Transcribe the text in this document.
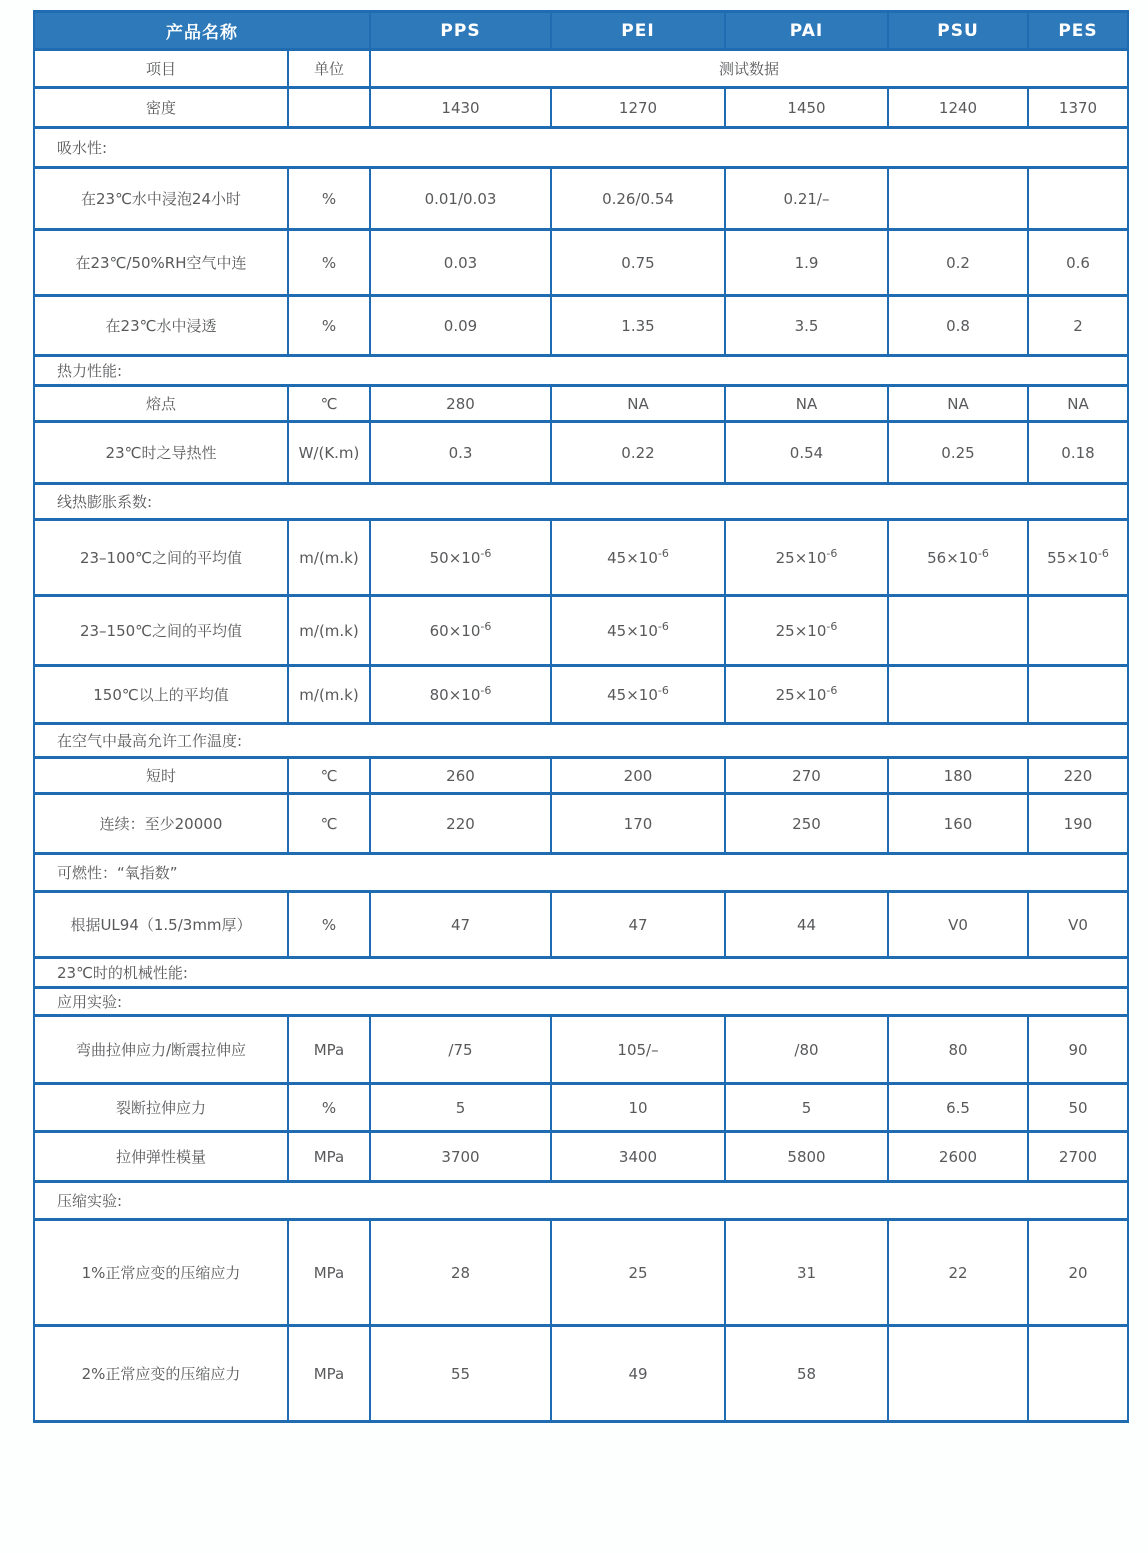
产品名称		PPS	PEI	PAI	PSU	PES
项目	单位	测试数据				
密度		1430	1270	1450	1240	1370
吸水性:						
在23℃水中浸泡24小时	%	0.01/0.03	0.26/0.54	0.21/–		
在23℃/50%RH空气中连	%	0.03	0.75	1.9	0.2	0.6
在23℃水中浸透	%	0.09	1.35	3.5	0.8	2
热力性能:						
熔点	℃	280	NA	NA	NA	NA
23℃时之导热性	W/(K.m)	0.3	0.22	0.54	0.25	0.18
线热膨胀系数:						
23–100℃之间的平均值	m/(m.k)	$50\times 10^{-6}$	$45\times 10^{-6}$	$25\times 10^{-6}$	$56\times 10^{-6}$	$55\times 10^{-6}$
23–150℃之间的平均值	m/(m.k)	$60\times 10^{-6}$	$45\times 10^{-6}$	$25\times 10^{-6}$		
150℃以上的平均值	m/(m.k)	$80\times 10^{-6}$	$45\times 10^{-6}$	$25\times 10^{-6}$		
在空气中最高允许工作温度:						
短时	℃	260	200	270	180	220
连续：至少20000	℃	220	170	250	160	190
可燃性：“氧指数”						
根据UL94（1.5/3mm厚）	%	47	47	44	V0	V0
23℃时的机械性能:						
应用实验:						
弯曲拉伸应力/断震拉伸应	MPa	/75	105/–	/80	80	90
裂断拉伸应力	%	5	10	5	6.5	50
拉伸弹性模量	MPa	3700	3400	5800	2600	2700
压缩实验:						
1%正常应变的压缩应力	MPa	28	25	31	22	20
2%正常应变的压缩应力	MPa	55	49	58		
